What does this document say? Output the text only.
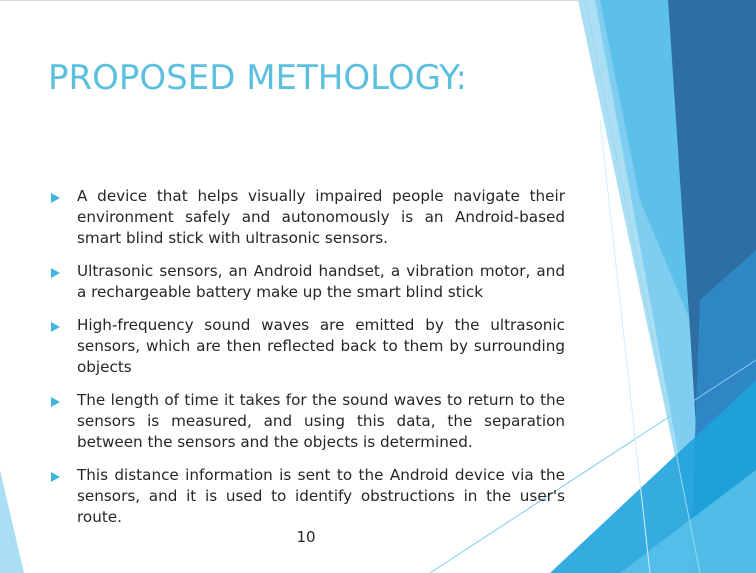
PROPOSED METHOLOGY:
A device that helps visually impaired people navigate their environment safely and autonomously is an Android-based smart blind stick with ultrasonic sensors.
Ultrasonic sensors, an Android handset, a vibration motor, and a rechargeable battery make up the smart blind stick
High-frequency sound waves are emitted by the ultrasonic sensors, which are then reflected back to them by surrounding objects
The length of time it takes for the sound waves to return to the sensors is measured, and using this data, the separation between the sensors and the objects is determined.
This distance information is sent to the Android device via the sensors, and it is used to identify obstructions in the user's route.
10
